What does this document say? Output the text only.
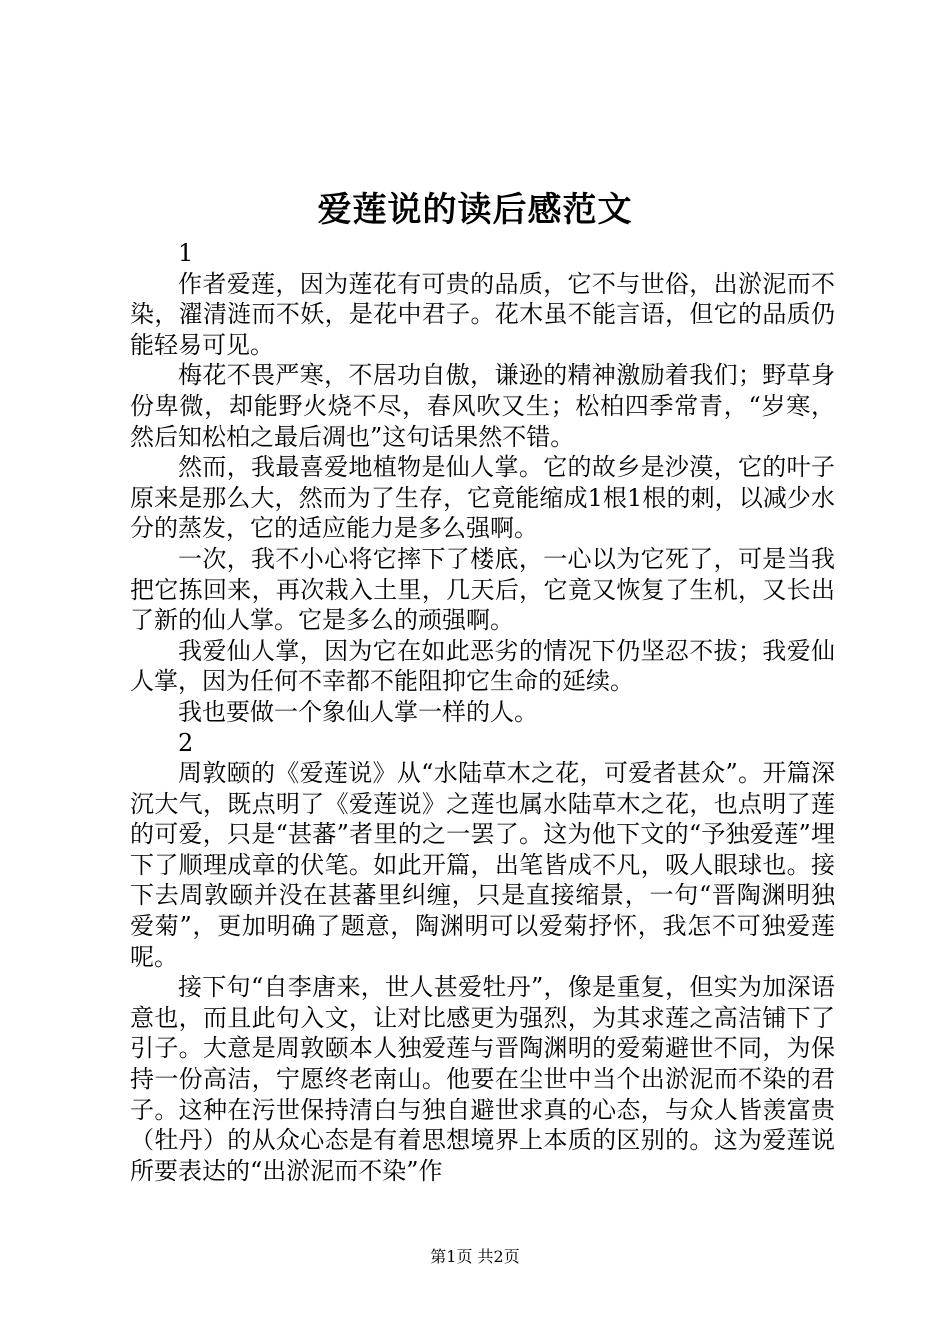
爱莲说的读后感范文

1

作者爱莲，因为莲花有可贵的品质，它不与世俗，出淤泥而不染，濯清涟而不妖，是花中君子。花木虽不能言语，但它的品质仍能轻易可见。

梅花不畏严寒，不居功自傲，谦逊的精神激励着我们；野草身份卑微，却能野火烧不尽，春风吹又生；松柏四季常青，“岁寒，然后知松柏之最后凋也”这句话果然不错。

然而，我最喜爱地植物是仙人掌。它的故乡是沙漠，它的叶子原来是那么大，然而为了生存，它竟能缩成1根1根的刺，以减少水分的蒸发，它的适应能力是多么强啊。

一次，我不小心将它摔下了楼底，一心以为它死了，可是当我把它拣回来，再次栽入土里，几天后，它竟又恢复了生机，又长出了新的仙人掌。它是多么的顽强啊。

我爱仙人掌，因为它在如此恶劣的情况下仍坚忍不拔；我爱仙人掌，因为任何不幸都不能阻抑它生命的延续。

我也要做一个象仙人掌一样的人。

2

周敦颐的《爱莲说》从“水陆草木之花，可爱者甚众”。开篇深沉大气，既点明了《爱莲说》之莲也属水陆草木之花，也点明了莲的可爱，只是“甚蕃”者里的之一罢了。这为他下文的“予独爱莲”埋下了顺理成章的伏笔。如此开篇，出笔皆成不凡，吸人眼球也。接下去周敦颐并没在甚蕃里纠缠，只是直接缩景，一句“晋陶渊明独爱菊”，更加明确了题意，陶渊明可以爱菊抒怀，我怎不可独爱莲呢。

接下句“自李唐来，世人甚爱牡丹”，像是重复，但实为加深语意也，而且此句入文，让对比感更为强烈，为其求莲之高洁铺下了引子。大意是周敦颐本人独爱莲与晋陶渊明的爱菊避世不同，为保持一份高洁，宁愿终老南山。他要在尘世中当个出淤泥而不染的君子。这种在污世保持清白与独自避世求真的心态，与众人皆羡富贵（牡丹）的从众心态是有着思想境界上本质的区别的。这为爱莲说所要表达的“出淤泥而不染”作

第1页 共2页
